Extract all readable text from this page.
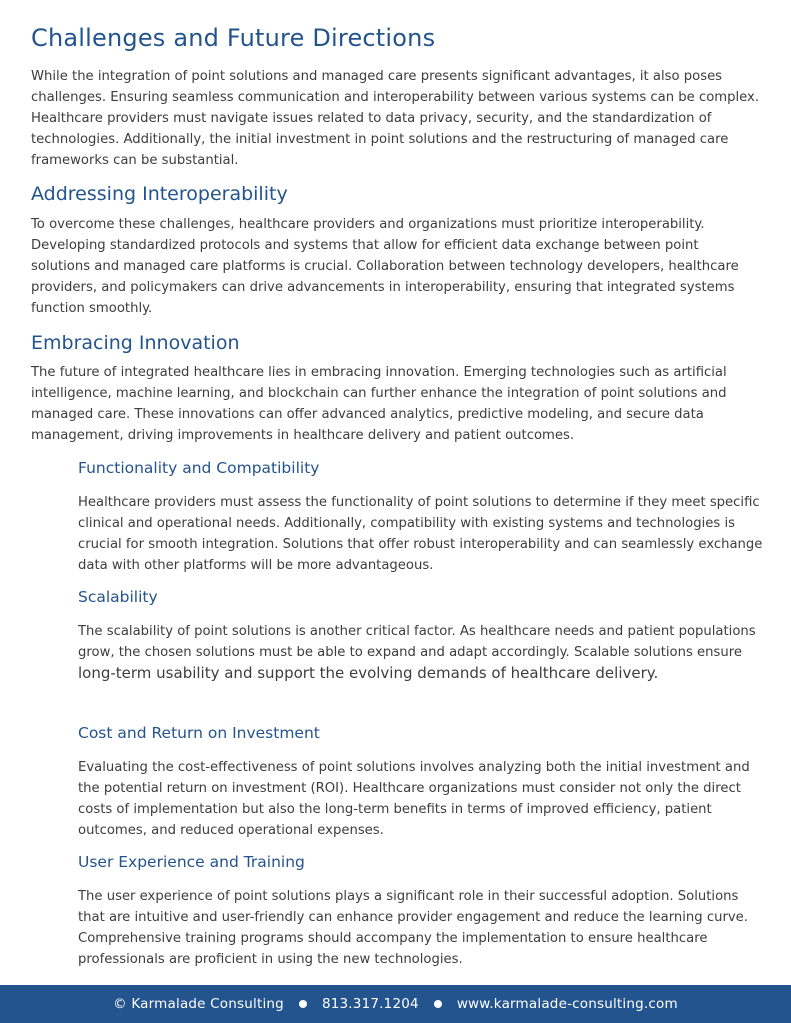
Challenges and Future Directions

While the integration of point solutions and managed care presents significant advantages, it also poses challenges. Ensuring seamless communication and interoperability between various systems can be complex. Healthcare providers must navigate issues related to data privacy, security, and the standardization of technologies. Additionally, the initial investment in point solutions and the restructuring of managed care frameworks can be substantial.

Addressing Interoperability

To overcome these challenges, healthcare providers and organizations must prioritize interoperability. Developing standardized protocols and systems that allow for efficient data exchange between point solutions and managed care platforms is crucial. Collaboration between technology developers, healthcare providers, and policymakers can drive advancements in interoperability, ensuring that integrated systems function smoothly.

Embracing Innovation

The future of integrated healthcare lies in embracing innovation. Emerging technologies such as artificial intelligence, machine learning, and blockchain can further enhance the integration of point solutions and managed care. These innovations can offer advanced analytics, predictive modeling, and secure data management, driving improvements in healthcare delivery and patient outcomes.

Functionality and Compatibility

Healthcare providers must assess the functionality of point solutions to determine if they meet specific clinical and operational needs. Additionally, compatibility with existing systems and technologies is crucial for smooth integration. Solutions that offer robust interoperability and can seamlessly exchange data with other platforms will be more advantageous.

Scalability

The scalability of point solutions is another critical factor. As healthcare needs and patient populations grow, the chosen solutions must be able to expand and adapt accordingly. Scalable solutions ensure long-term usability and support the evolving demands of healthcare delivery.

Cost and Return on Investment

Evaluating the cost-effectiveness of point solutions involves analyzing both the initial investment and the potential return on investment (ROI). Healthcare organizations must consider not only the direct costs of implementation but also the long-term benefits in terms of improved efficiency, patient outcomes, and reduced operational expenses.

User Experience and Training

The user experience of point solutions plays a significant role in their successful adoption. Solutions that are intuitive and user-friendly can enhance provider engagement and reduce the learning curve. Comprehensive training programs should accompany the implementation to ensure healthcare professionals are proficient in using the new technologies.

© Karmalade Consulting	813.317.1204	www.karmalade-consulting.com
